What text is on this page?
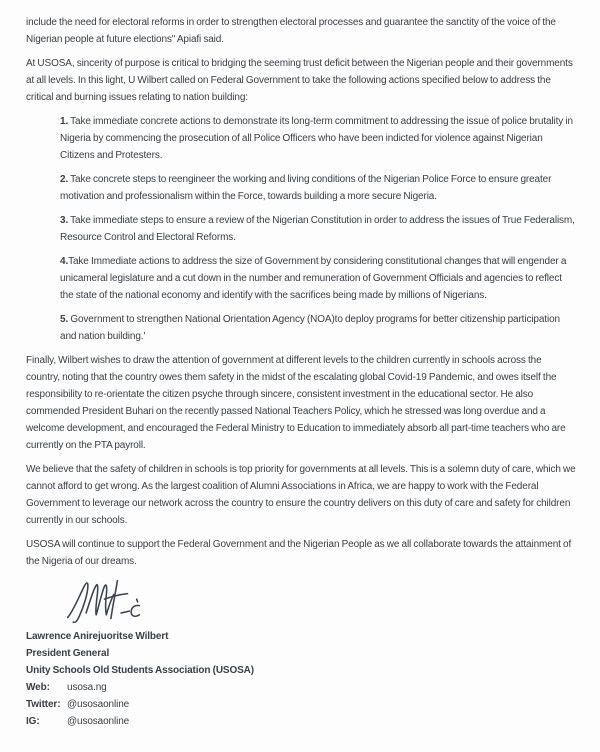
include the need for electoral reforms in order to strengthen electoral processes and guarantee the sanctity of the voice of the Nigerian people at future elections" Apiafi said.

At USOSA, sincerity of purpose is critical to bridging the seeming trust deficit between the Nigerian people and their governments at all levels. In this light, U Wilbert called on Federal Government to take the following actions specified below to address the critical and burning issues relating to nation building:

1. Take immediate concrete actions to demonstrate its long-term commitment to addressing the issue of police brutality in Nigeria by commencing the prosecution of all Police Officers who have been indicted for violence against Nigerian Citizens and Protesters.

2. Take concrete steps to reengineer the working and living conditions of the Nigerian Police Force to ensure greater motivation and professionalism within the Force, towards building a more secure Nigeria.

3. Take immediate steps to ensure a review of the Nigerian Constitution in order to address the issues of True Federalism, Resource Control and Electoral Reforms.

4.Take Immediate actions to address the size of Government by considering constitutional changes that will engender a unicameral legislature and a cut down in the number and remuneration of Government Officials and agencies to reflect the state of the national economy and identify with the sacrifices being made by millions of Nigerians.

5. Government to strengthen National Orientation Agency (NOA)to deploy programs for better citizenship participation and nation building.'

Finally, Wilbert wishes to draw the attention of government at different levels to the children currently in schools across the country, noting that the country owes them safety in the midst of the escalating global Covid-19 Pandemic, and owes itself the responsibility to re-orientate the citizen psyche through sincere, consistent investment in the educational sector. He also commended President Buhari on the recently passed National Teachers Policy, which he stressed was long overdue and a welcome development, and encouraged the Federal Ministry to Education to immediately absorb all part-time teachers who are currently on the PTA payroll.

We believe that the safety of children in schools is top priority for governments at all levels. This is a solemn duty of care, which we cannot afford to get wrong. As the largest coalition of Alumni Associations in Africa, we are happy to work with the Federal Government to leverage our network across the country to ensure the country delivers on this duty of care and safety for children currently in our schools.

USOSA will continue to support the Federal Government and the Nigerian People as we all collaborate towards the attainment of the Nigeria of our dreams.

Lawrence Anirejuoritse Wilbert

President General

Unity Schools Old Students Association (USOSA)

Web: usosa.ng

Twitter: @usosaonline

IG:	@usosaonline
